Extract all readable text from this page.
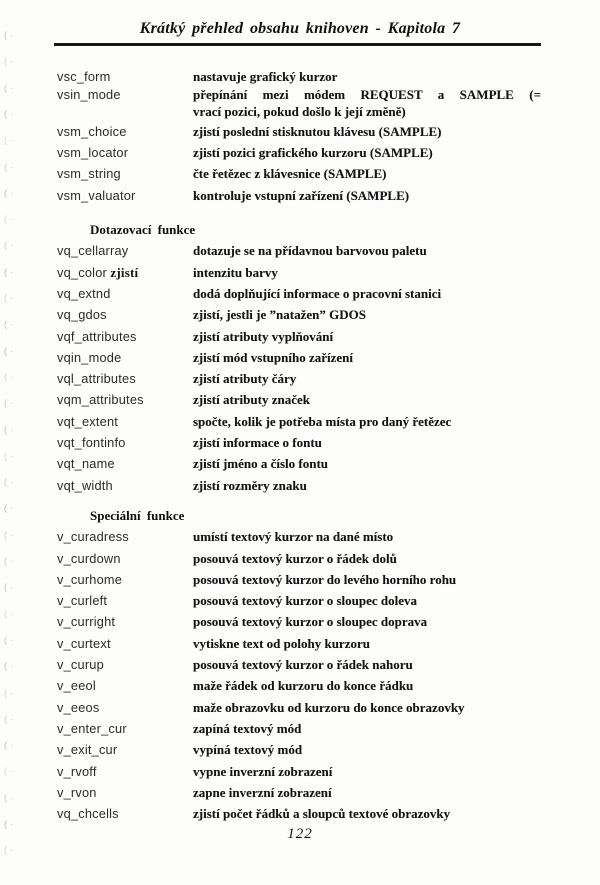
(·
(·
(·
(·
(·
(·
(·
(·
(·
(·
(·
(·
(·
(·
(·
(·
(·
(·
(·
(·
(·
(·
(·
(·
(·
(·
(·
(·
(·
(·
(·
(·
Krátký přehled obsahu knihoven - Kapitola 7
vsc_form	nastavuje grafický kurzor
vsin_mode	přepínání mezi módem REQUEST a SAMPLE (=
vrací pozici, pokud došlo k její změně)
vsm_choice	zjistí poslední stisknutou klávesu (SAMPLE)
vsm_locator	zjistí pozici grafického kurzoru (SAMPLE)
vsm_string	čte řetězec z klávesnice (SAMPLE)
vsm_valuator	kontroluje vstupní zařízení (SAMPLE)
Dotazovací funkce
vq_cellarray	dotazuje se na přídavnou barvovou paletu
vq_color zjistí	intenzitu barvy
vq_extnd	dodá doplňující informace o pracovní stanici
vq_gdos	zjistí, jestli je ”natažen” GDOS
vqf_attributes	zjistí atributy vyplňování
vqin_mode	zjistí mód vstupního zařízení
vql_attributes	zjistí atributy čáry
vqm_attributes	zjistí atributy značek
vqt_extent	spočte, kolik je potřeba místa pro daný řetězec
vqt_fontinfo	zjistí informace o fontu
vqt_name	zjistí jméno a číslo fontu
vqt_width	zjistí rozměry znaku
Speciální funkce
v_curadress	umístí textový kurzor na dané místo
v_curdown	posouvá textový kurzor o řádek dolů
v_curhome	posouvá textový kurzor do levého horního rohu
v_curleft	posouvá textový kurzor o sloupec doleva
v_curright	posouvá textový kurzor o sloupec doprava
v_curtext	vytiskne text od polohy kurzoru
v_curup	posouvá textový kurzor o řádek nahoru
v_eeol	maže řádek od kurzoru do konce řádku
v_eeos	maže obrazovku od kurzoru do konce obrazovky
v_enter_cur	zapíná textový mód
v_exit_cur	vypíná textový mód
v_rvoff	vypne inverzní zobrazení
v_rvon	zapne inverzní zobrazení
vq_chcells	zjistí počet řádků a sloupců textové obrazovky
122
